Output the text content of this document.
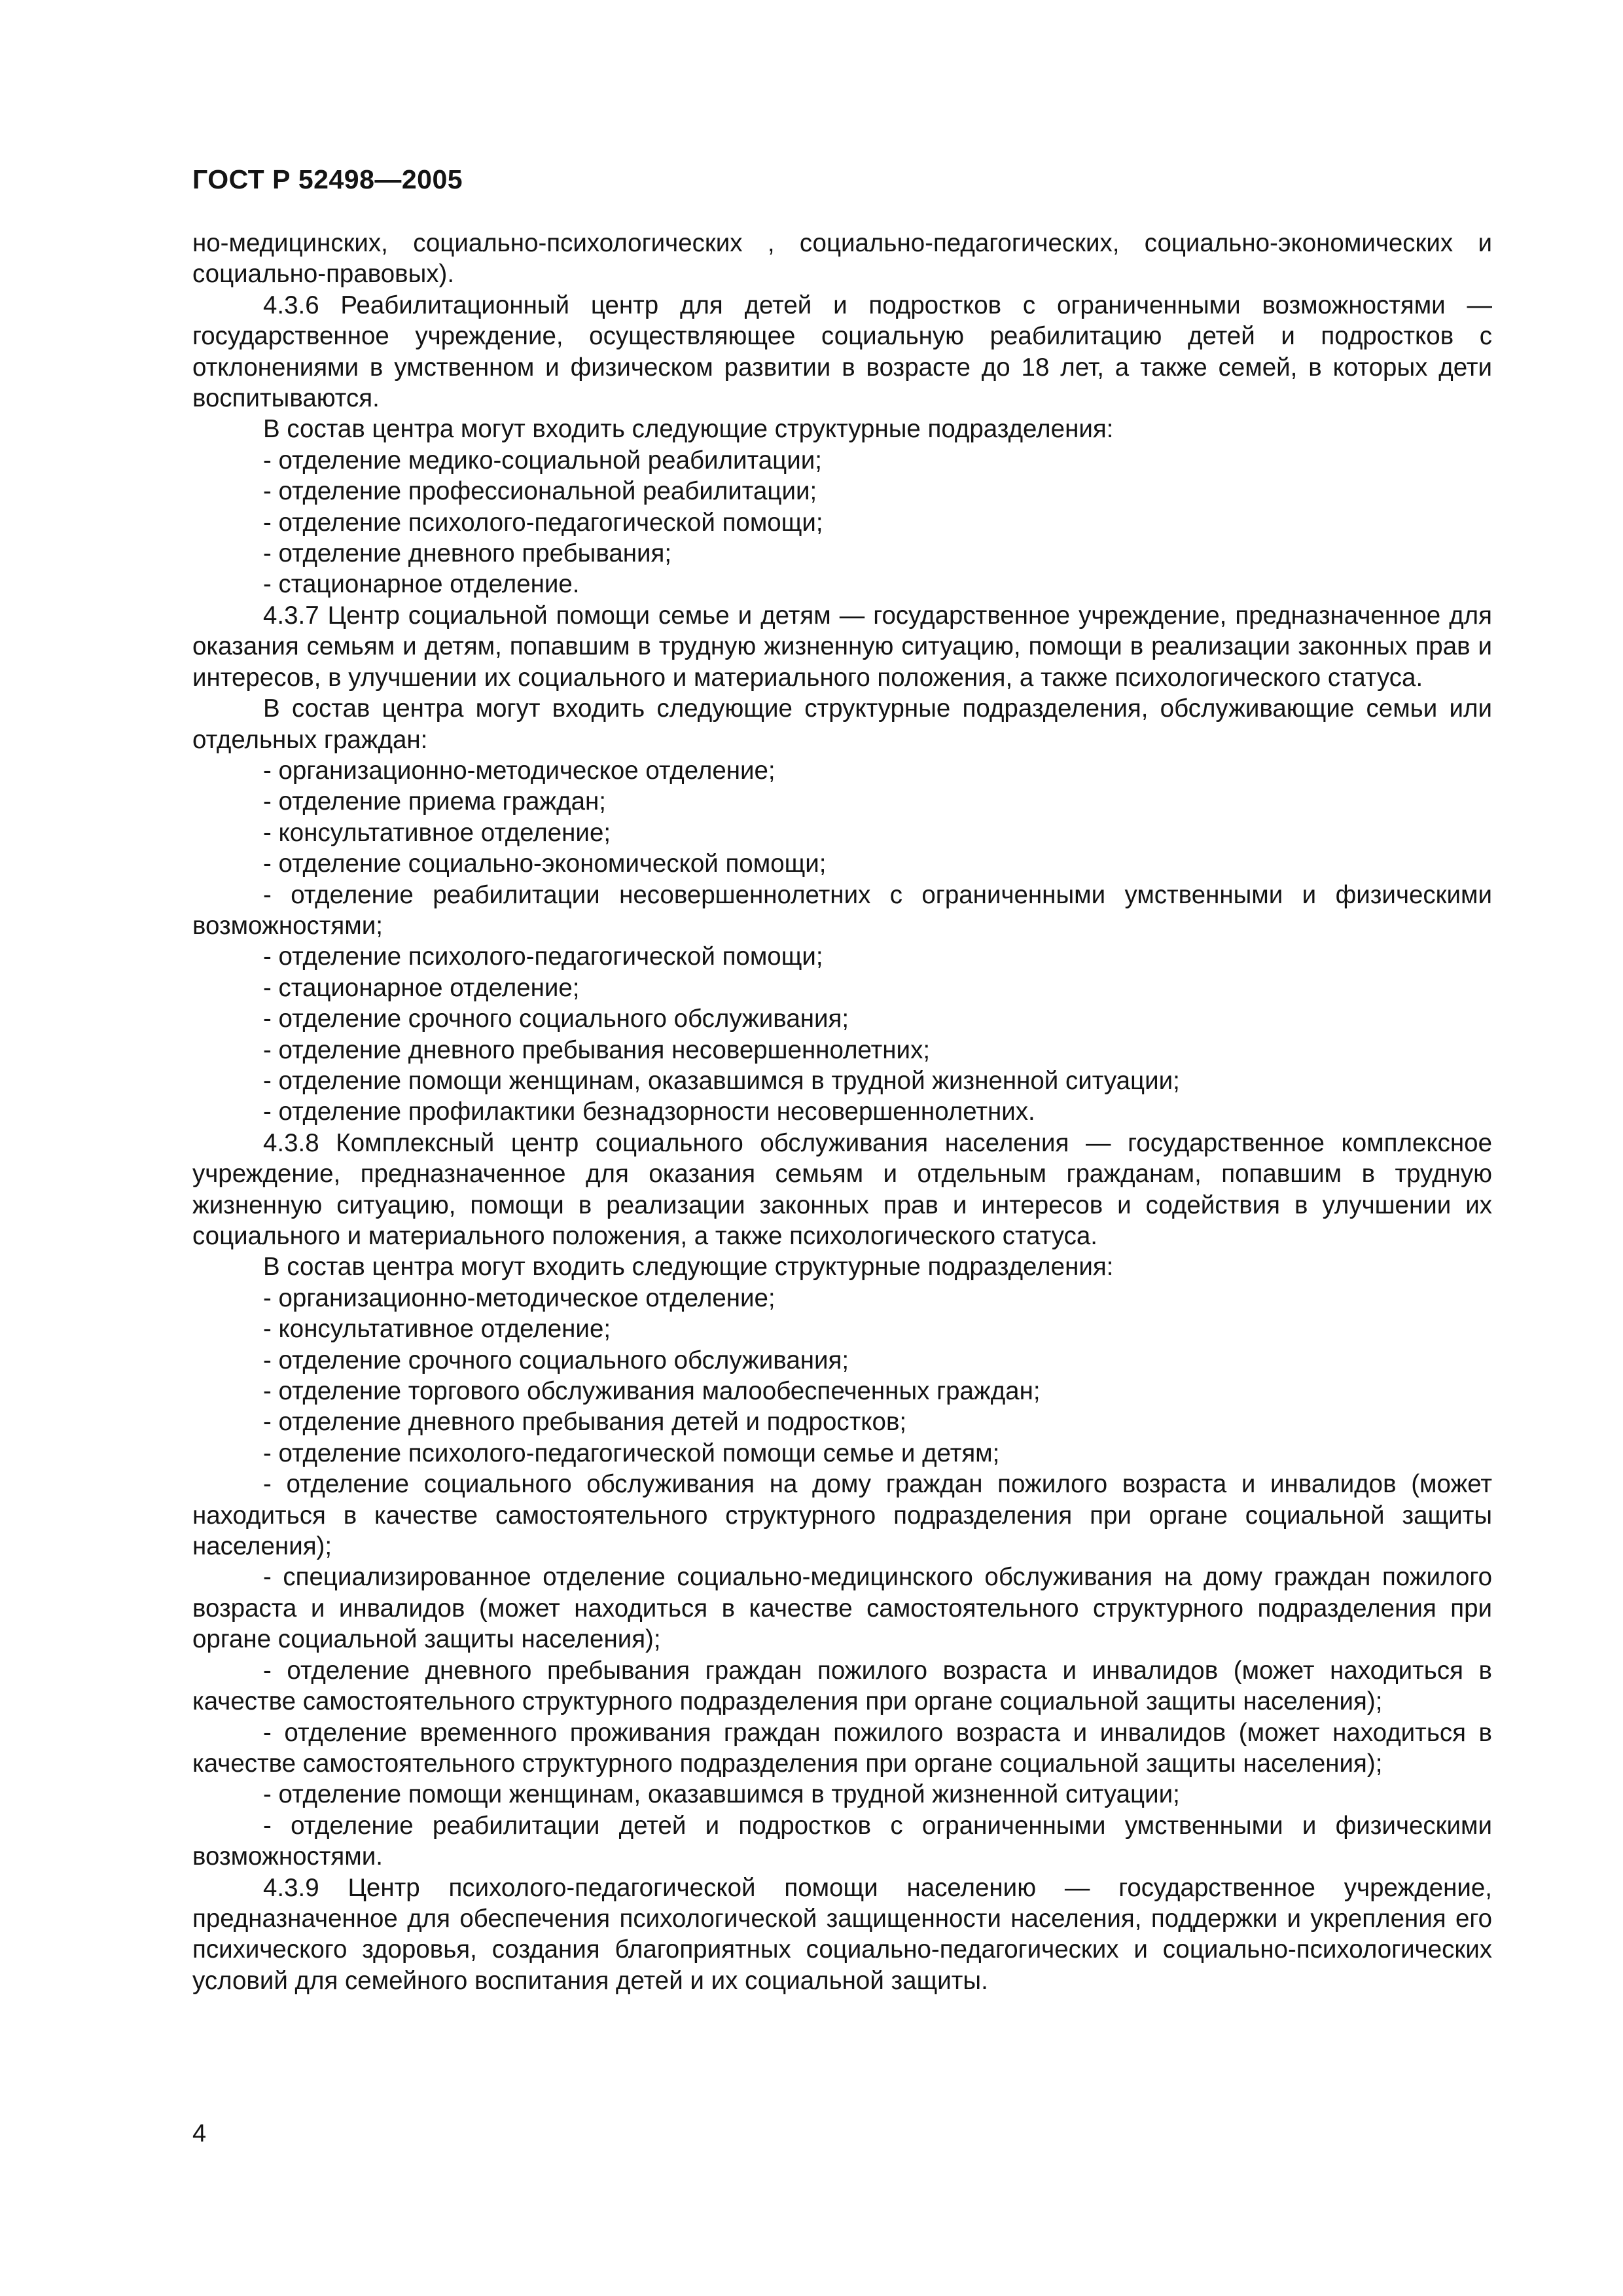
ГОСТ Р 52498—2005

но-медицинских, социально-психологических , социально-педагогических, социально-экономических и социально-правовых).

4.3.6 Реабилитационный центр для детей и подростков с ограниченными возможностями — государственное учреждение, осуществляющее социальную реабилитацию детей и подростков с отклонениями в умственном и физическом развитии в возрасте до 18 лет, а также семей, в которых дети воспитываются.

В состав центра могут входить следующие структурные подразделения:

- отделение медико-социальной реабилитации;

- отделение профессиональной реабилитации;

- отделение психолого-педагогической помощи;

- отделение дневного пребывания;

- стационарное отделение.

4.3.7 Центр социальной помощи семье и детям — государственное учреждение, предназначенное для оказания семьям и детям, попавшим в трудную жизненную ситуацию, помощи в реализации законных прав и интересов, в улучшении их социального и материального положения, а также психологического статуса.

В состав центра могут входить следующие структурные подразделения, обслуживающие семьи или отдельных граждан:

- организационно-методическое отделение;

- отделение приема граждан;

- консультативное отделение;

- отделение социально-экономической помощи;

- отделение реабилитации несовершеннолетних с ограниченными умственными и физическими возможностями;

- отделение психолого-педагогической помощи;

- стационарное отделение;

- отделение срочного социального обслуживания;

- отделение дневного пребывания несовершеннолетних;

- отделение помощи женщинам, оказавшимся в трудной жизненной ситуации;

- отделение профилактики безнадзорности несовершеннолетних.

4.3.8 Комплексный центр социального обслуживания населения — государственное комплексное учреждение, предназначенное для оказания семьям и отдельным гражданам, попавшим в трудную жизненную ситуацию, помощи в реализации законных прав и интересов и содействия в улучшении их социального и материального положения, а также психологического статуса.

В состав центра могут входить следующие структурные подразделения:

- организационно-методическое отделение;

- консультативное отделение;

- отделение срочного социального обслуживания;

- отделение торгового обслуживания малообеспеченных граждан;

- отделение дневного пребывания детей и подростков;

- отделение психолого-педагогической помощи семье и детям;

- отделение социального обслуживания на дому граждан пожилого возраста и инвалидов (может находиться в качестве самостоятельного структурного подразделения при органе социальной защиты населения);

- специализированное отделение социально-медицинского обслуживания на дому граждан пожилого возраста и инвалидов (может находиться в качестве самостоятельного структурного подразделения при органе социальной защиты населения);

- отделение дневного пребывания граждан пожилого возраста и инвалидов (может находиться в качестве самостоятельного структурного подразделения при органе социальной защиты населения);

- отделение временного проживания граждан пожилого возраста и инвалидов (может находиться в качестве самостоятельного структурного подразделения при органе социальной защиты населения);

- отделение помощи женщинам, оказавшимся в трудной жизненной ситуации;

- отделение реабилитации детей и подростков с ограниченными умственными и физическими возможностями.

4.3.9 Центр психолого-педагогической помощи населению — государственное учреждение, предназначенное для обеспечения психологической защищенности населения, поддержки и укрепления его психического здоровья, создания благоприятных социально-педагогических и социально-психологических условий для семейного воспитания детей и их социальной защиты.

4
